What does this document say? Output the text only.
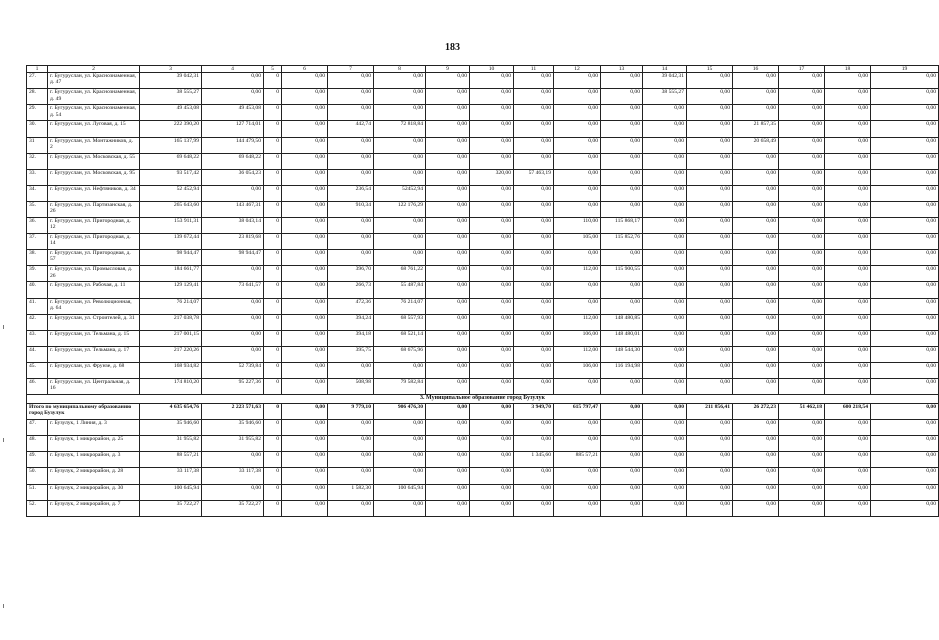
183
1	2	3	4	5	6	7	8	9	10	11	12	13	14	15	16	17	18	19
27.	г. Бугуруслан, ул. Краснознаменная, д. 47	39 042,31	0,00	0	0,00	0,00	0,00	0,00	0,00	0,00	0,00	0,00	39 042,31	0,00	0,00	0,00	0,00	0,00
28.	г. Бугуруслан, ул. Краснознаменная, д. 49	38 555,27	0,00	0	0,00	0,00	0,00	0,00	0,00	0,00	0,00	0,00	38 555,27	0,00	0,00	0,00	0,00	0,00
29.	г. Бугуруслан, ул. Краснознаменная, д. 54	49 453,08	49 453,08	0	0,00	0,00	0,00	0,00	0,00	0,00	0,00	0,00	0,00	0,00	0,00	0,00	0,00	0,00
30.	г. Бугуруслан, ул. Луговая, д. 15	222 390,20	127 714,01	0	0,00	442,74	72 818,84	0,00	0,00	0,00	0,00	0,00	0,00	0,00	21 857,35	0,00	0,00	0,00
31	г. Бугуруслан, ул. Монтажников, д. 2	165 137,99	144 479,50	0	0,00	0,00	0,00	0,00	0,00	0,00	0,00	0,00	0,00	0,00	20 658,49	0,00	0,00	0,00
32.	г. Бугуруслан, ул. Московская, д. 55	69 648,22	69 648,22	0	0,00	0,00	0,00	0,00	0,00	0,00	0,00	0,00	0,00	0,00	0,00	0,00	0,00	0,00
33.	г. Бугуруслан, ул. Московская, д. 95	93 517,42	36 054,23	0	0,00	0,00	0,00	0,00	320,00	57 463,19	0,00	0,00	0,00	0,00	0,00	0,00	0,00	0,00
34.	г. Бугуруслан, ул. Нефтяников, д. 34	52 452,94	0,00	0	0,00	236,54	52452,94	0,00	0,00	0,00	0,00	0,00	0,00	0,00	0,00	0,00	0,00	0,00
35.	г. Бугуруслан, ул. Партизанская, д. 26	265 643,60	143 467,31	0	0,00	910,34	122 176,29	0,00	0,00	0,00	0,00	0,00	0,00	0,00	0,00	0,00	0,00	0,00
36.	г. Бугуруслан, ул. Пригородная, д. 12	153 911,31	38 043,14	0	0,00	0,00	0,00	0,00	0,00	0,00	110,00	115 868,17	0,00	0,00	0,00	0,00	0,00	0,00
37.	г. Бугуруслан, ул. Пригородная, д. 14	139 672,44	23 819,68	0	0,00	0,00	0,00	0,00	0,00	0,00	105,00	115 852,76	0,00	0,00	0,00	0,00	0,00	0,00
38.	г. Бугуруслан, ул. Пригородная, д. 57	98 944,47	98 944,47	0	0,00	0,00	0,00	0,00	0,00	0,00	0,00	0,00	0,00	0,00	0,00	0,00	0,00	0,00
39.	г. Бугуруслан, ул. Промысловая, д. 26	184 661,77	0,00	0	0,00	396,70	68 761,22	0,00	0,00	0,00	112,00	115 900,55	0,00	0,00	0,00	0,00	0,00	0,00
40.	г. Бугуруслан, ул. Рабочая, д. 11	129 129,41	73 641,57	0	0,00	266,73	55 487,84	0,00	0,00	0,00	0,00	0,00	0,00	0,00	0,00	0,00	0,00	0,00
41.	г. Бугуруслан, ул. Революционная, д. 64	76 214,07	0,00	0	0,00	472,36	76 214,07	0,00	0,00	0,00	0,00	0,00	0,00	0,00	0,00	0,00	0,00	0,00
42.	г. Бугуруслан, ул. Строителей, д. 31	217 038,78	0,00	0	0,00	394,24	68 557,93	0,00	0,00	0,00	112,00	148 480,85	0,00	0,00	0,00	0,00	0,00	0,00
43.	г. Бугуруслан, ул. Тельмана, д. 15	217 001,15	0,00	0	0,00	394,18	68 521,14	0,00	0,00	0,00	106,00	148 480,01	0,00	0,00	0,00	0,00	0,00	0,00
44.	г. Бугуруслан, ул. Тельмана, д. 17	217 220,26	0,00	0	0,00	395,75	68 675,96	0,00	0,00	0,00	112,00	148 544,30	0,00	0,00	0,00	0,00	0,00	0,00
45.	г. Бугуруслан, ул. Фрунзе, д. 68	168 934,82	52 739,84	0	0,00	0,00	0,00	0,00	0,00	0,00	106,00	116 194,98	0,00	0,00	0,00	0,00	0,00	0,00
46.	г. Бугуруслан, ул. Центральная, д. 16	174 810,20	95 227,36	0	0,00	508,98	79 582,84	0,00	0,00	0,00	0,00	0,00	0,00	0,00	0,00	0,00	0,00	0,00
3. Муниципальное образование город Бузулук																		
Итого по муниципальному образованию город Бузулук		4 635 654,76	2 223 571,63	0	0,00	9 779,10	906 476,30	0,00	0,00	3 949,70	615 797,47	0,00	0,00	211 856,41	26 272,23	51 462,18	600 218,54	0,00
47.	г. Бузулук, 1 Линия, д. 3	35 946,60	35 946,60	0	0,00	0,00	0,00	0,00	0,00	0,00	0,00	0,00	0,00	0,00	0,00	0,00	0,00	0,00
48.	г. Бузулук, 1 микрорайон, д. 25	31 955,82	31 955,82	0	0,00	0,00	0,00	0,00	0,00	0,00	0,00	0,00	0,00	0,00	0,00	0,00	0,00	0,00
49.	г. Бузулук, 1 микрорайон, д. 3	88 557,21	0,00	0	0,00	0,00	0,00	0,00	0,00	1 345,60	885 57,21	0,00	0,00	0,00	0,00	0,00	0,00	0,00
50.	г. Бузулук, 2 микрорайон, д. 28	33 117,38	33 117,38	0	0,00	0,00	0,00	0,00	0,00	0,00	0,00	0,00	0,00	0,00	0,00	0,00	0,00	0,00
51.	г. Бузулук, 2 микрорайон, д. 30	100 645,94	0,00	0	0,00	1 582,30	100 645,94	0,00	0,00	0,00	0,00	0,00	0,00	0,00	0,00	0,00	0,00	0,00
52.	г. Бузулук, 2 микрорайон, д. 7	35 722,27	35 722,27	0	0,00	0,00	0,00	0,00	0,00	0,00	0,00	0,00	0,00	0,00	0,00	0,00	0,00	0,00
